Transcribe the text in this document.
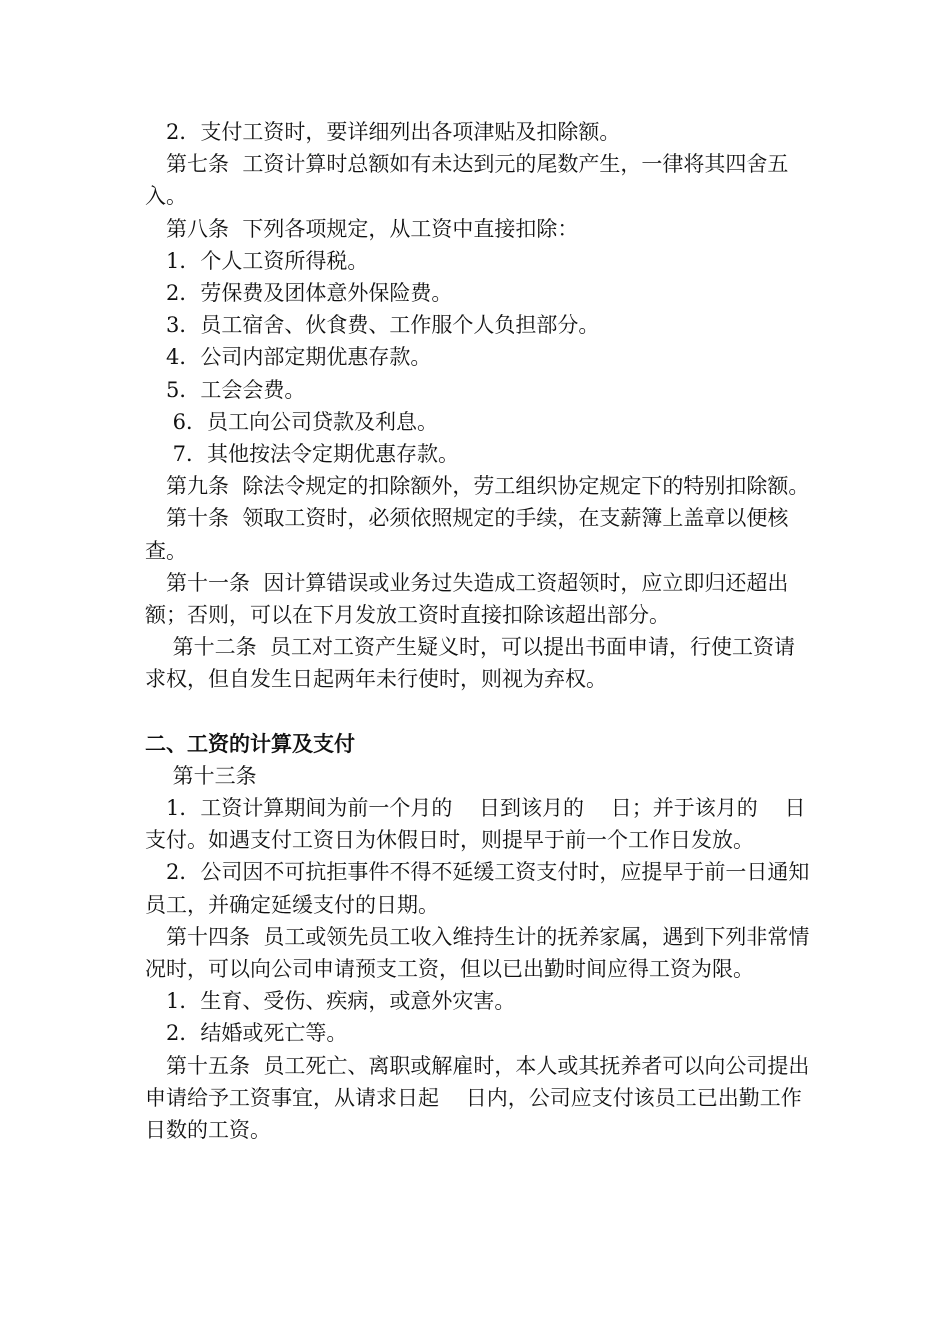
　2．支付工资时，要详细列出各项津贴及扣除额。

　第七条  工资计算时总额如有未达到元的尾数产生，一律将其四舍五入。

　第八条  下列各项规定，从工资中直接扣除：

　1．个人工资所得税。

　2．劳保费及团体意外保险费。

　3．员工宿舍、伙食费、工作服个人负担部分。

　4．公司内部定期优惠存款。

　5．工会会费。

　 6．员工向公司贷款及利息。

　 7．其他按法令定期优惠存款。

　第九条  除法令规定的扣除额外，劳工组织协定规定下的特别扣除额。

　第十条  领取工资时，必须依照规定的手续，在支薪簿上盖章以便核查。

　第十一条  因计算错误或业务过失造成工资超领时，应立即归还超出额；否则，可以在下月发放工资时直接扣除该超出部分。

　 第十二条  员工对工资产生疑义时，可以提出书面申请，行使工资请求权，但自发生日起两年未行使时，则视为弃权。

二、工资的计算及支付

　 第十三条

　1．工资计算期间为前一个月的    日到该月的    日；并于该月的    日支付。如遇支付工资日为休假日时，则提早于前一个工作日发放。

　2．公司因不可抗拒事件不得不延缓工资支付时，应提早于前一日通知员工，并确定延缓支付的日期。

　第十四条  员工或领先员工收入维持生计的抚养家属，遇到下列非常情况时，可以向公司申请预支工资，但以已出勤时间应得工资为限。

　1．生育、受伤、疾病，或意外灾害。

　2．结婚或死亡等。

　第十五条  员工死亡、离职或解雇时，本人或其抚养者可以向公司提出申请给予工资事宜，从请求日起    日内，公司应支付该员工已出勤工作日数的工资。
